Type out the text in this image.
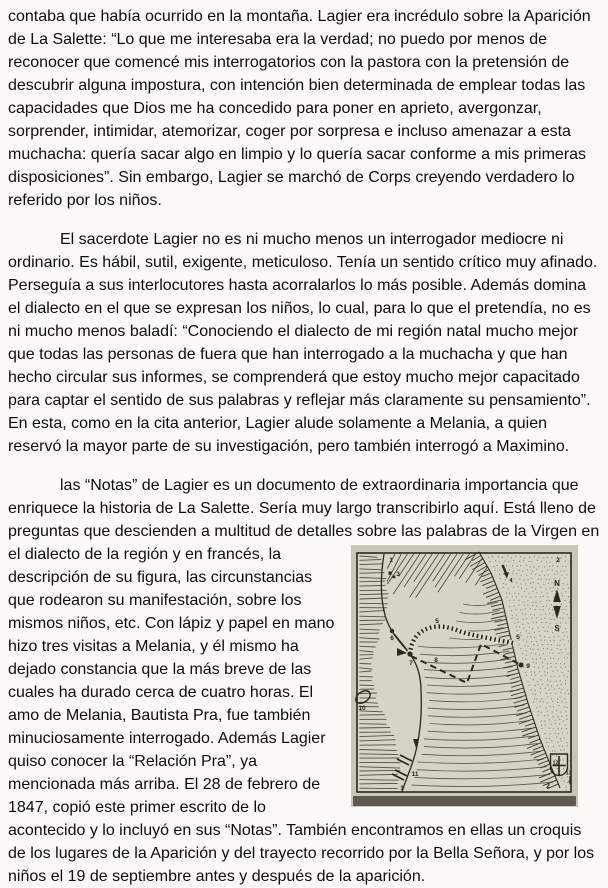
contaba que había ocurrido en la montaña. Lagier era incrédulo sobre la Aparición de La Salette: “Lo que me interesaba era la verdad; no puedo por menos de reconocer que comencé mis interrogatorios con la pastora con la pretensión de descubrir alguna impostura, con intención bien determinada de emplear todas las capacidades que Dios me ha concedido para poner en aprieto, avergonzar, sorprender, intimidar, atemorizar, coger por sorpresa e incluso amenazar a esta muchacha: quería sacar algo en limpio y lo quería sacar conforme a mis primeras disposiciones”. Sin embargo, Lagier se marchó de Corps creyendo verdadero lo referido por los niños.

El sacerdote Lagier no es ni mucho menos un interrogador mediocre ni ordinario. Es hábil, sutil, exigente, meticuloso. Tenía un sentido crítico muy afinado. Perseguía a sus interlocutores hasta acorralarlos lo más posible. Además domina el dialecto en el que se expresan los niños, lo cual, para lo que el pretendía, no es ni mucho menos baladí: “Conociendo el dialecto de mi región natal mucho mejor que todas las personas de fuera que han interrogado a la muchacha y que han hecho circular sus informes, se comprenderá que estoy mucho mejor capacitado para captar el sentido de sus palabras y reflejar más claramente su pensamiento”. En esta, como en la cita anterior, Lagier alude solamente a Melania, a quien reservó la mayor parte de su investigación, pero también interrogó a Maximino.

las “Notas” de Lagier es un documento de extraordinaria importancia que enriquece la historia de La Salette. Sería muy largo transcribirlo aquí. Está lleno de preguntas que descienden a multitud de detalles sobre las palabras de la Virgen en el	1	2
3
4
5
5
6
7	8
9
10
11
12
13
2
1
N
S
dialecto de la región y en francés, la descripción de su figura, las circunstancias que rodearon su manifestación, sobre los mismos niños, etc. Con lápiz y papel en mano hizo tres visitas a Melania, y él mismo ha dejado constancia que la más breve de las cuales ha durado cerca de cuatro horas. El amo de Melania, Bautista Pra, fue también minuciosamente interrogado. Además Lagier quiso conocer la “Relación Pra”, ya mencionada más arriba. El 28 de febrero de 1847, copió este primer escrito de lo acontecido y lo incluyó en sus “Notas”. También encontramos en ellas un croquis de los lugares de la Aparición y del trayecto recorrido por la Bella Señora, y por los niños el 19 de septiembre antes y después de la aparición.
